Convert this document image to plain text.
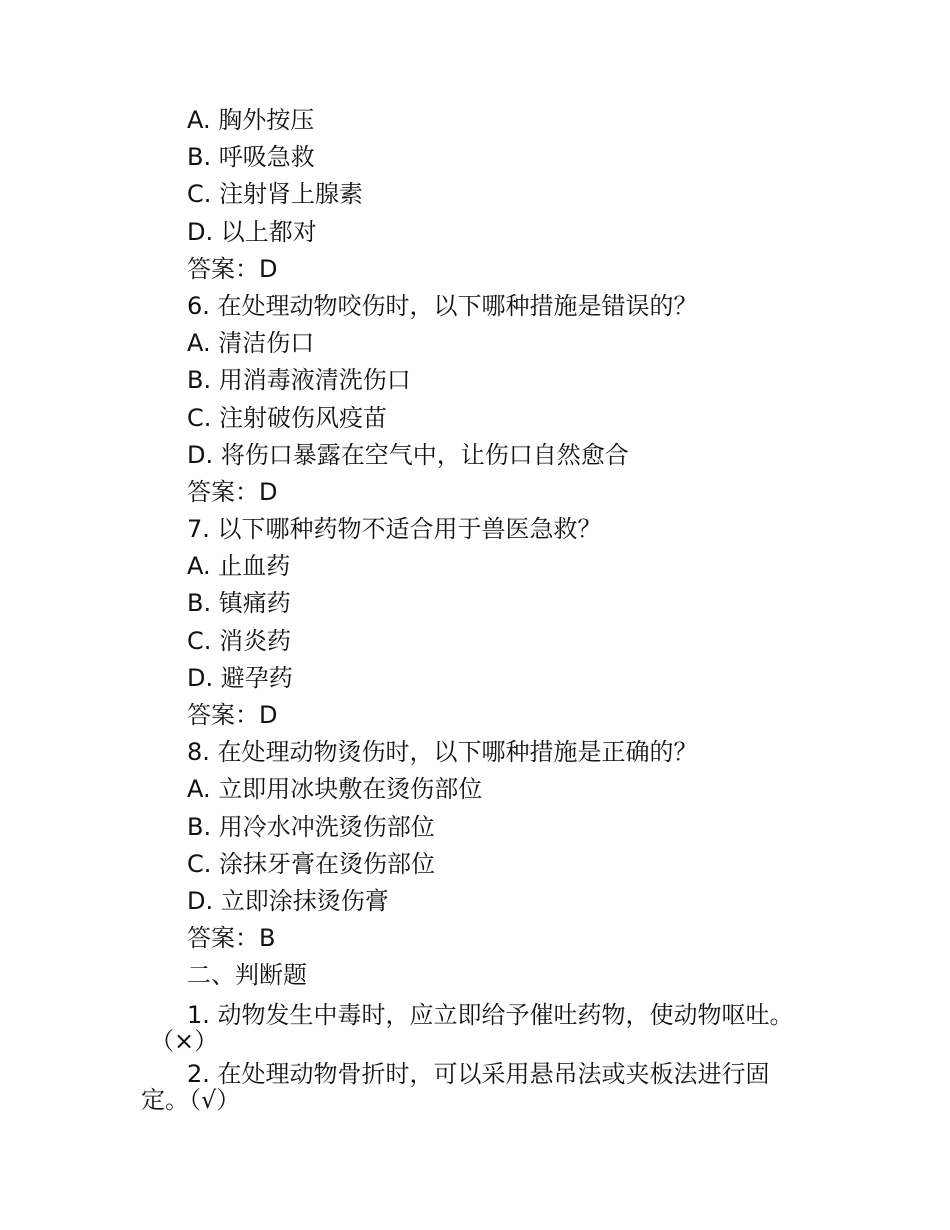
A. 胸外按压
B. 呼吸急救
C. 注射肾上腺素
D. 以上都对
答案：D
6. 在处理动物咬伤时，以下哪种措施是错误的？
A. 清洁伤口
B. 用消毒液清洗伤口
C. 注射破伤风疫苗
D. 将伤口暴露在空气中，让伤口自然愈合
答案：D
7. 以下哪种药物不适合用于兽医急救？
A. 止血药
B. 镇痛药
C. 消炎药
D. 避孕药
答案：D
8. 在处理动物烫伤时，以下哪种措施是正确的？
A. 立即用冰块敷在烫伤部位
B. 用冷水冲洗烫伤部位
C. 涂抹牙膏在烫伤部位
D. 立即涂抹烫伤膏
答案：B
二、判断题
1. 动物发生中毒时，应立即给予催吐药物，使动物呕吐。
（×）
2. 在处理动物骨折时，可以采用悬吊法或夹板法进行固
定。（√）
